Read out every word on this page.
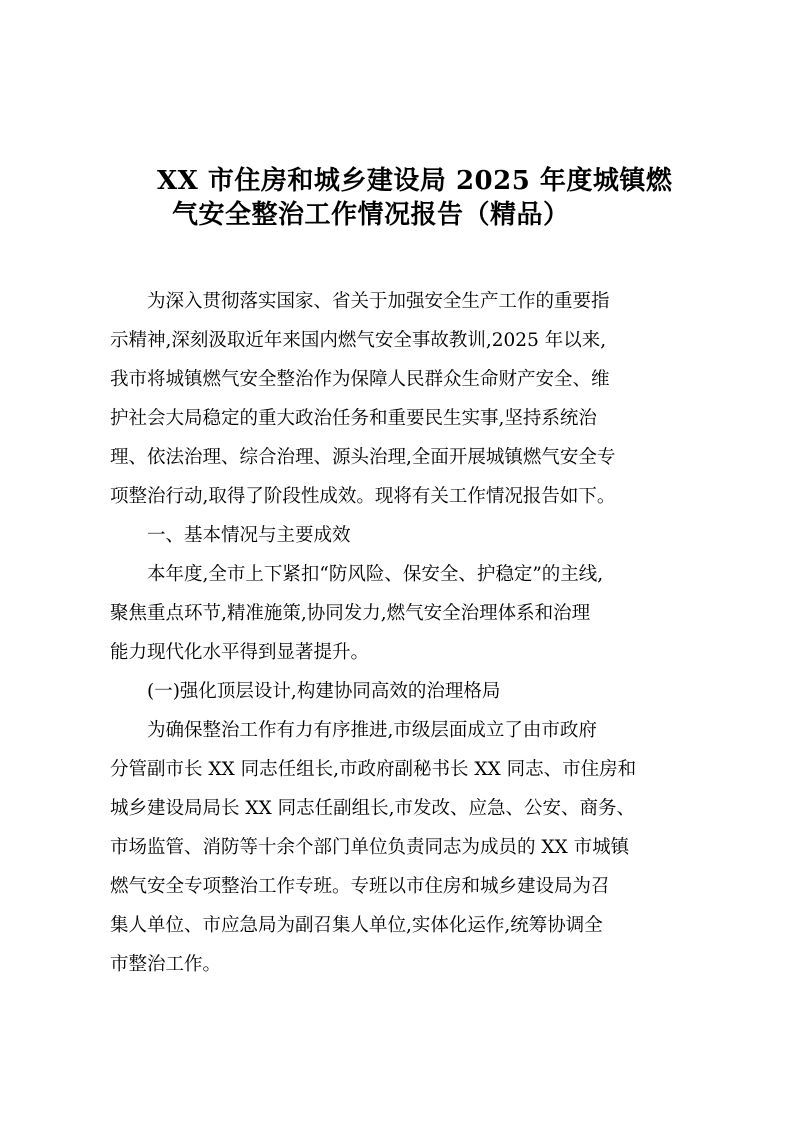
XX 市住房和城乡建设局 2025 年度城镇燃
气安全整治工作情况报告（精品）
为深入贯彻落实国家、省关于加强安全生产工作的重要指
示精神,深刻汲取近年来国内燃气安全事故教训,2025 年以来,
我市将城镇燃气安全整治作为保障人民群众生命财产安全、维
护社会大局稳定的重大政治任务和重要民生实事,坚持系统治
理、依法治理、综合治理、源头治理,全面开展城镇燃气安全专
项整治行动,取得了阶段性成效。现将有关工作情况报告如下。
一、基本情况与主要成效
本年度,全市上下紧扣“防风险、保安全、护稳定”的主线,
聚焦重点环节,精准施策,协同发力,燃气安全治理体系和治理
能力现代化水平得到显著提升。
(一)强化顶层设计,构建协同高效的治理格局
为确保整治工作有力有序推进,市级层面成立了由市政府
分管副市长 XX 同志任组长,市政府副秘书长 XX 同志、市住房和
城乡建设局局长 XX 同志任副组长,市发改、应急、公安、商务、
市场监管、消防等十余个部门单位负责同志为成员的 XX 市城镇
燃气安全专项整治工作专班。专班以市住房和城乡建设局为召
集人单位、市应急局为副召集人单位,实体化运作,统筹协调全
市整治工作。
